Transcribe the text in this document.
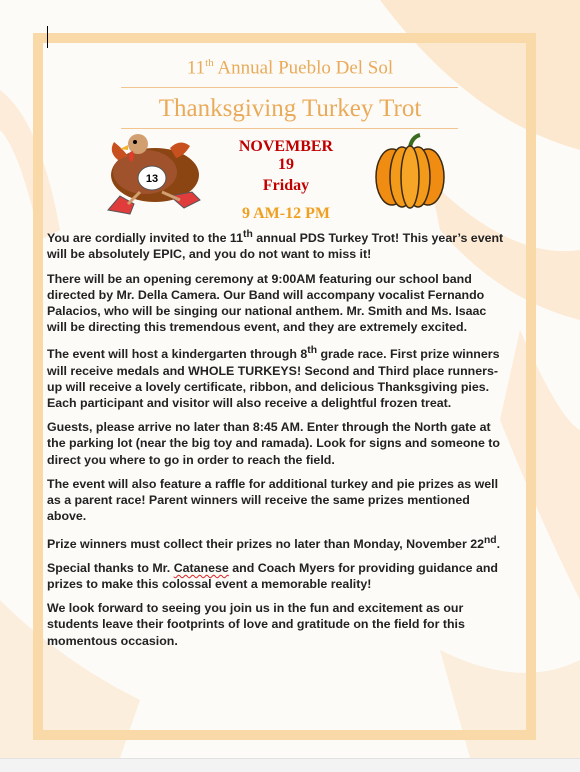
11th Annual Pueblo Del Sol
Thanksgiving Turkey Trot
13
NOVEMBER
19
Friday
9 AM-12 PM

You are cordially invited to the 11th annual PDS Turkey Trot! This year’s event will be absolutely EPIC, and you do not want to miss it!

There will be an opening ceremony at 9:00AM featuring our school band directed by Mr. Della Camera. Our Band will accompany vocalist Fernando Palacios, who will be singing our national anthem. Mr. Smith and Ms. Isaac will be directing this tremendous event, and they are extremely excited.

The event will host a kindergarten through 8th grade race. First prize winners will receive medals and WHOLE TURKEYS! Second and Third place runners-up will receive a lovely certificate, ribbon, and delicious Thanksgiving pies. Each participant and visitor will also receive a delightful frozen treat.

Guests, please arrive no later than 8:45 AM. Enter through the North gate at the parking lot (near the big toy and ramada). Look for signs and someone to direct you where to go in order to reach the field.

The event will also feature a raffle for additional turkey and pie prizes as well as a parent race! Parent winners will receive the same prizes mentioned above.

Prize winners must collect their prizes no later than Monday, November 22nd.

Special thanks to Mr. Catanese and Coach Myers for providing guidance and prizes to make this colossal event a memorable reality!

We look forward to seeing you join us in the fun and excitement as our students leave their footprints of love and gratitude on the field for this momentous occasion.
